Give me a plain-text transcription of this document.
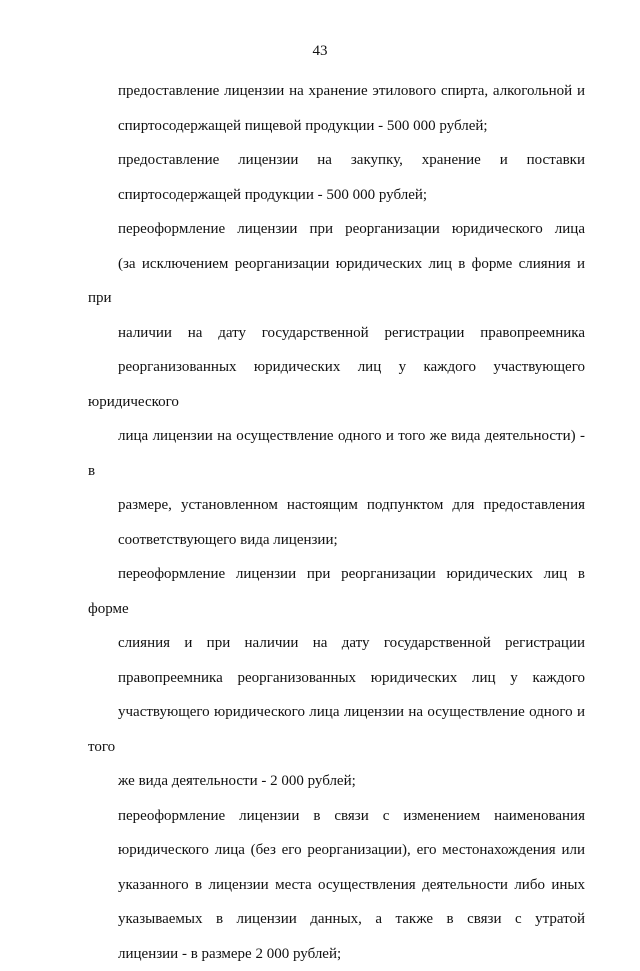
43
предоставление лицензии на хранение этилового спирта, алкогольной и
спиртосодержащей пищевой продукции - 500 000 рублей;
предоставление лицензии на закупку, хранение и поставки
спиртосодержащей продукции - 500 000 рублей;
переоформление лицензии при реорганизации юридического лица
(за исключением реорганизации юридических лиц в форме слияния и при
наличии на дату государственной регистрации правопреемника
реорганизованных юридических лиц у каждого участвующего юридического
лица лицензии на осуществление одного и того же вида деятельности) - в
размере, установленном настоящим подпунктом для предоставления
соответствующего вида лицензии;
переоформление лицензии при реорганизации юридических лиц в форме
слияния и при наличии на дату государственной регистрации
правопреемника реорганизованных юридических лиц у каждого
участвующего юридического лица лицензии на осуществление одного и того
же вида деятельности - 2 000 рублей;
переоформление лицензии в связи с изменением наименования
юридического лица (без его реорганизации), его местонахождения или
указанного в лицензии места осуществления деятельности либо иных
указываемых в лицензии данных, а также в связи с утратой
лицензии - в размере 2 000 рублей;
